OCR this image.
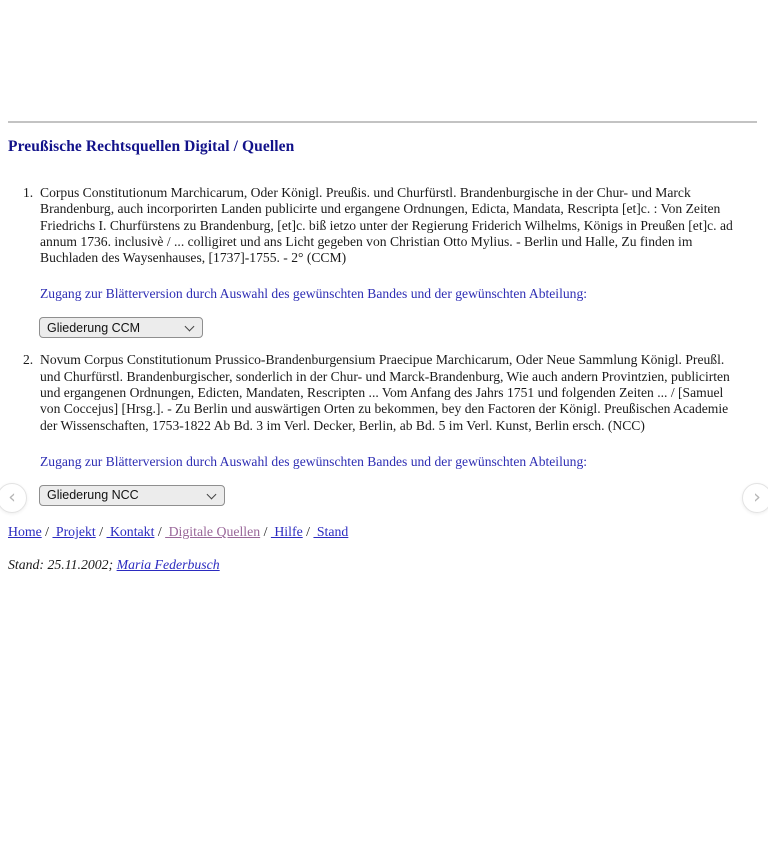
Preußische Rechtsquellen Digital / Quellen
1. Corpus Constitutionum Marchicarum, Oder Königl. Preußis. und Churfürstl. Brandenburgische in der Chur- und Marck Brandenburg, auch incorporirten Landen publicirte und ergangene Ordnungen, Edicta, Mandata, Rescripta [et]c. : Von Zeiten Friedrichs I. Churfürstens zu Brandenburg, [et]c. biß ietzo unter der Regierung Friderich Wilhelms, Königs in Preußen [et]c. ad annum 1736. inclusivè / ... colligiret und ans Licht gegeben von Christian Otto Mylius. - Berlin und Halle, Zu finden im Buchladen des Waysenhauses, [1737]-1755. - 2° (CCM)
Zugang zur Blätterversion durch Auswahl des gewünschten Bandes und der gewünschten Abteilung:
Gliederung CCM
2. Novum Corpus Constitutionum Prussico-Brandenburgensium Praecipue Marchicarum, Oder Neue Sammlung Königl. Preußl. und Churfürstl. Brandenburgischer, sonderlich in der Chur- und Marck-Brandenburg, Wie auch andern Provintzien, publicirten und ergangenen Ordnungen, Edicten, Mandaten, Rescripten ... Vom Anfang des Jahrs 1751 und folgenden Zeiten ... / [Samuel von Coccejus] [Hrsg.]. - Zu Berlin und auswärtigen Orten zu bekommen, bey den Factoren der Königl. Preußischen Academie der Wissenschaften, 1753-1822 Ab Bd. 3 im Verl. Decker, Berlin, ab Bd. 5 im Verl. Kunst, Berlin ersch. (NCC)
Zugang zur Blätterversion durch Auswahl des gewünschten Bandes und der gewünschten Abteilung:
Gliederung NCC
Home /  Projekt /  Kontakt /  Digitale Quellen /  Hilfe /  Stand
Stand: 25.11.2002; Maria Federbusch
‹	›
